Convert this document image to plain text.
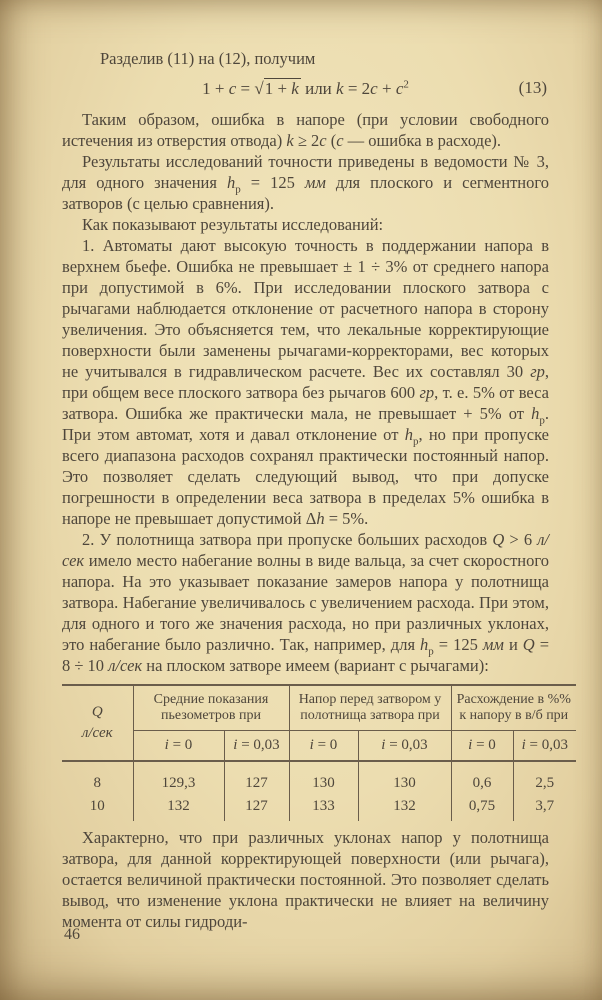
Разделив (11) на (12), получим

1 + c = √1 + k или $k = 2c + c^2$	(13)

Таким образом, ошибка в напоре (при условии свободного истечения из отверстия отвода) k ≥ 2c (c — ошибка в расходе).

Результаты исследований точности приведены в ведомости № 3, для одного значения $h_р = 125$ мм для плоского и сегментного затворов (с целью сравнения).

Как показывают результаты исследований:

1. Автоматы дают высокую точность в поддержании напора в верхнем бьефе. Ошибка не превышает ± 1 ÷ 3% от среднего напора при допустимой в 6%. При исследовании плоского затвора с рычагами наблюдается отклонение от расчетного напора в сторону увеличения. Это объясняется тем, что лекальные корректирующие поверхности были заменены рычагами-корректорами, вес которых не учитывался в гидравлическом расчете. Вес их составлял 30 гр, при общем весе плоского затвора без рычагов 600 гр, т. е. 5% от веса затвора. Ошибка же практически мала, не превышает + 5% от $h_р$. При этом автомат, хотя и давал отклонение от $h_р$, но при пропуске всего диапазона расходов сохранял практически постоянный напор. Это позволяет сделать следующий вывод, что при допуске погрешности в определении веса затвора в пределах 5% ошибка в напоре не превышает допустимой Δh = 5%.

2. У полотнища затвора при пропуске больших расходов Q > 6 л/сек имело место набегание волны в виде вальца, за счет скоростного напора. На это указывает показание замеров напора у полотнища затвора. Набегание увеличивалось с увеличением расхода. При этом, для одного и того же значения расхода, но при различных уклонах, это набегание было различно. Так, например, для $h_р = 125$ мм и Q = 8 ÷ 10 л/сек на плоском затворе имеем (вариант с рычагами):

Q
л/сек	Средние показания пьезометров при		Напор перед затвором у полотнища затвора при		Расхождение в %% к напору в в/б при	
	i = 0	i = 0,03	i = 0	i = 0,03	i = 0	i = 0,03
8	129,3	127	130	130	0,6	2,5
10	132	127	133	132	0,75	3,7

Характерно, что при различных уклонах напор у полотнища затвора, для данной корректирующей поверхности (или рычага), остается величиной практически постоянной. Это позволяет сделать вывод, что изменение уклона практически не влияет на величину момента от силы гидроди-

46
